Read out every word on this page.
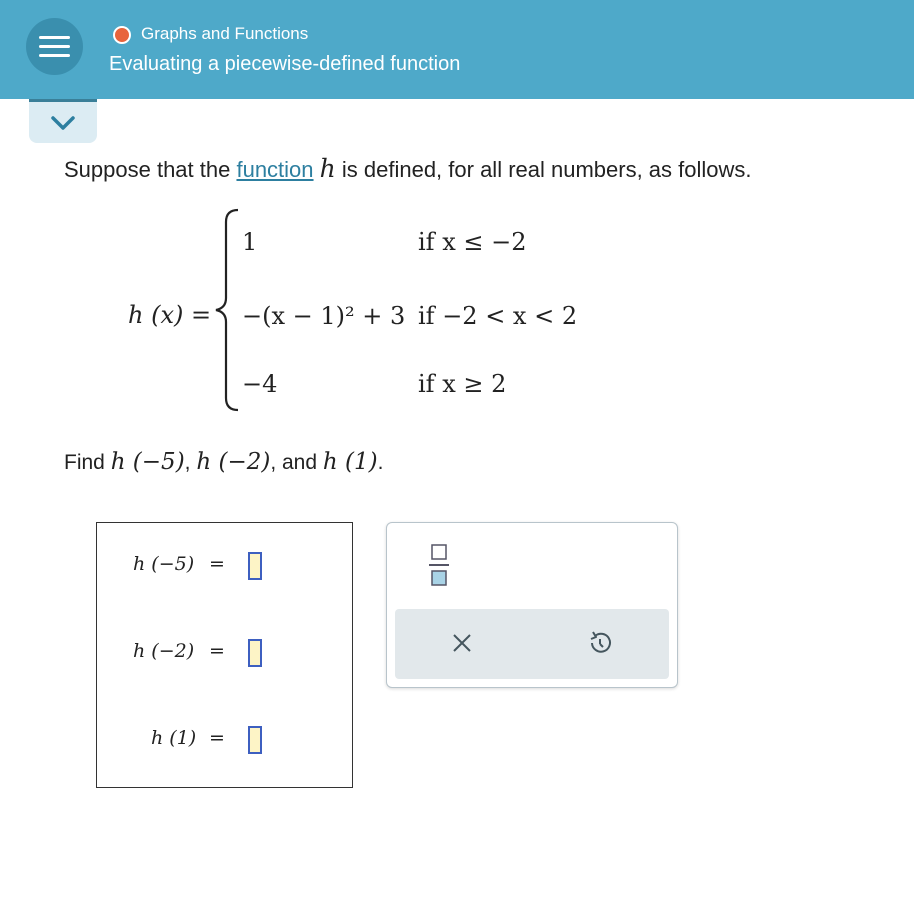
Graphs and Functions
Evaluating a piecewise-defined function
Suppose that the function h is defined, for all real numbers, as follows.
h (x) =
1	if x ≤ −2
−(x − 1)² + 3 if −2 < x < 2
−4	if x ≥ 2
Find h (−5), h (−2), and h (1).
h (−5) =
h (−2) =
h (1) =
